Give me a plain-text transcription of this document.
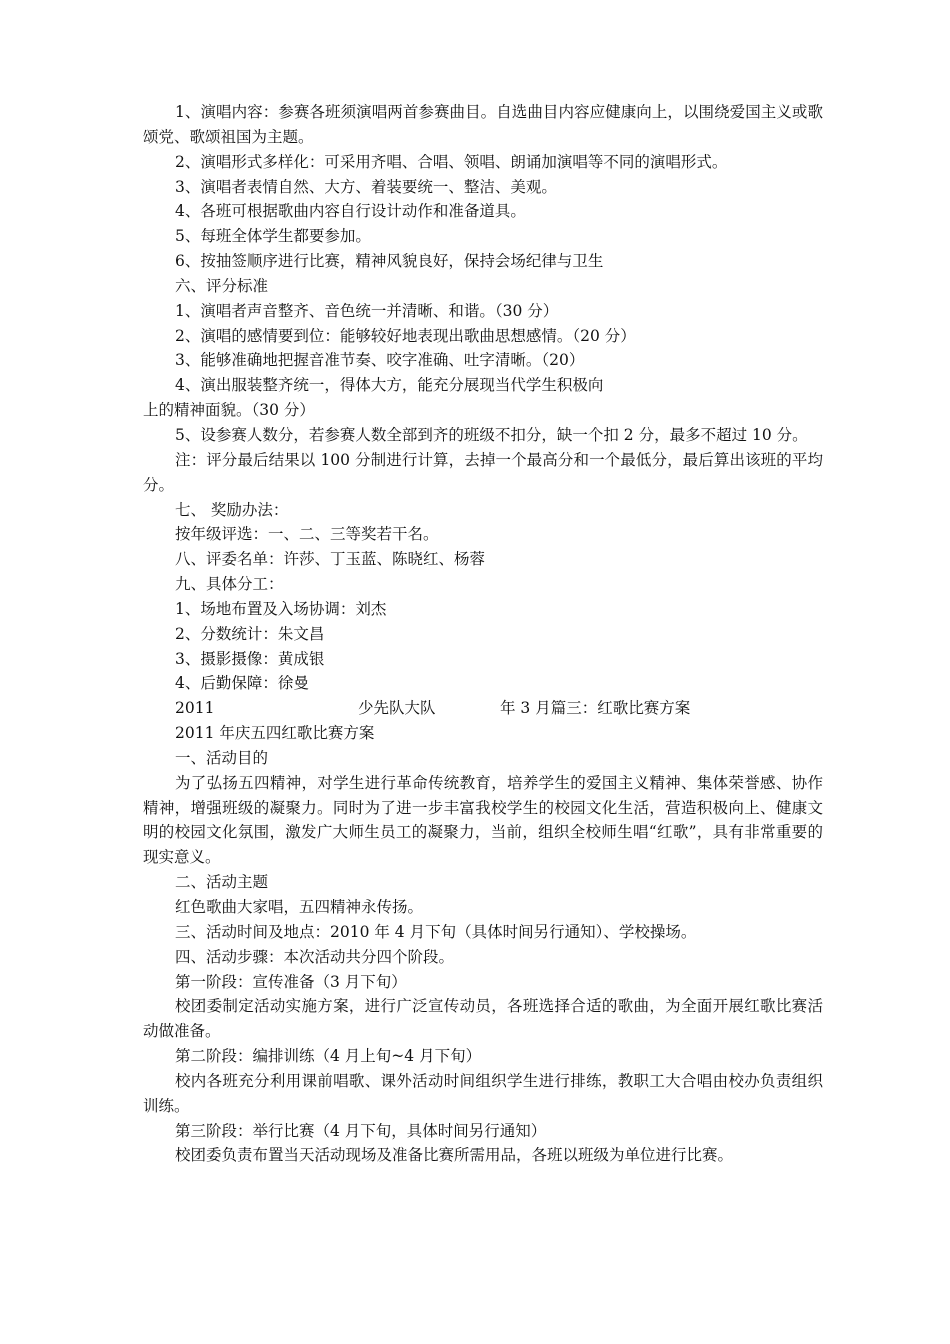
1、演唱内容：参赛各班须演唱两首参赛曲目。自选曲目内容应健康向上，以围绕爱国主义或歌颂党、歌颂祖国为主题。

2、演唱形式多样化：可采用齐唱、合唱、领唱、朗诵加演唱等不同的演唱形式。

3、演唱者表情自然、大方、着装要统一、整洁、美观。

4、各班可根据歌曲内容自行设计动作和准备道具。

5、每班全体学生都要参加。

6、按抽签顺序进行比赛，精神风貌良好，保持会场纪律与卫生

六、评分标准

1、演唱者声音整齐、音色统一并清晰、和谐。（30 分）

2、演唱的感情要到位：能够较好地表现出歌曲思想感情。（20 分）

3、能够准确地把握音准节奏、咬字准确、吐字清晰。（20）

4、演出服装整齐统一，得体大方，能充分展现当代学生积极向

上的精神面貌。（30 分）

5、设参赛人数分，若参赛人数全部到齐的班级不扣分，缺一个扣 2 分，最多不超过 10 分。

注：评分最后结果以 100 分制进行计算，去掉一个最高分和一个最低分，最后算出该班的平均分。

七、 奖励办法：

按年级评选：一、二、三等奖若干名。

八、评委名单：许莎、丁玉蓝、陈晓红、杨蓉

九、具体分工：

1、场地布置及入场协调：刘杰

2、分数统计：朱文昌

3、摄影摄像：黄成银

4、后勤保障：徐曼

2011	少先队大队	年 3 月篇三：红歌比赛方案

2011 年庆五四红歌比赛方案

一、活动目的

为了弘扬五四精神，对学生进行革命传统教育，培养学生的爱国主义精神、集体荣誉感、协作精神，增强班级的凝聚力。同时为了进一步丰富我校学生的校园文化生活，营造积极向上、健康文明的校园文化氛围，激发广大师生员工的凝聚力，当前，组织全校师生唱“红歌”，具有非常重要的现实意义。

二、活动主题

红色歌曲大家唱，五四精神永传扬。

三、活动时间及地点：2010 年 4 月下旬（具体时间另行通知）、学校操场。

四、活动步骤：本次活动共分四个阶段。

第一阶段：宣传准备（3 月下旬）

校团委制定活动实施方案，进行广泛宣传动员，各班选择合适的歌曲，为全面开展红歌比赛活动做准备。

第二阶段：编排训练（4 月上旬~4 月下旬）

校内各班充分利用课前唱歌、课外活动时间组织学生进行排练，教职工大合唱由校办负责组织训练。

第三阶段：举行比赛（4 月下旬，具体时间另行通知）

校团委负责布置当天活动现场及准备比赛所需用品，各班以班级为单位进行比赛。
